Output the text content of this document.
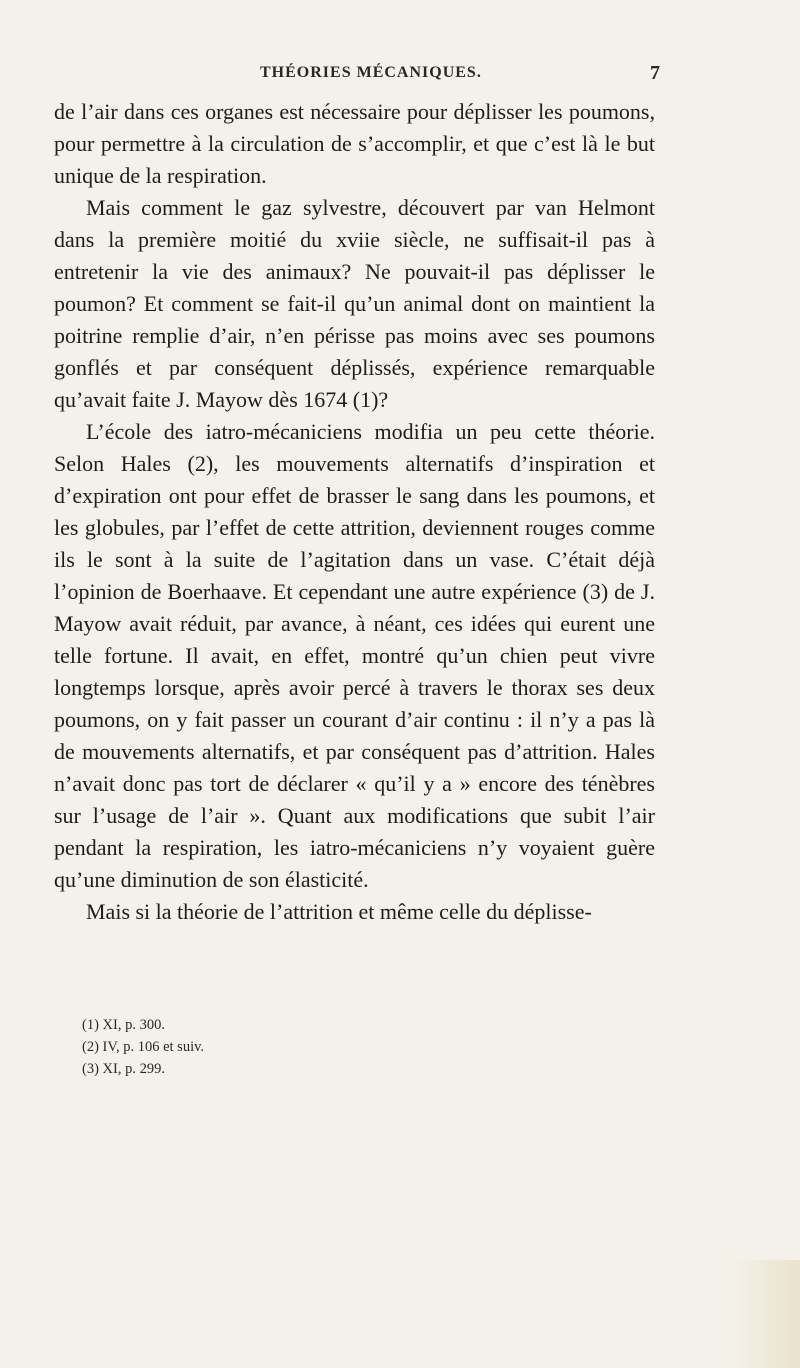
THÉORIES MÉCANIQUES.	7

de l’air dans ces organes est nécessaire pour déplisser les poumons, pour permettre à la circulation de s’accomplir, et que c’est là le but unique de la respiration.

Mais comment le gaz sylvestre, découvert par van Helmont dans la première moitié du xviie siècle, ne suffisait-il pas à entretenir la vie des animaux? Ne pouvait-il pas déplisser le poumon? Et comment se fait-il qu’un animal dont on maintient la poitrine remplie d’air, n’en périsse pas moins avec ses poumons gonflés et par conséquent déplissés, expérience remarquable qu’avait faite J. Mayow dès 1674 (1)?

L’école des iatro-mécaniciens modifia un peu cette théorie. Selon Hales (2), les mouvements alternatifs d’inspiration et d’expiration ont pour effet de brasser le sang dans les poumons, et les globules, par l’effet de cette attrition, deviennent rouges comme ils le sont à la suite de l’agitation dans un vase. C’était déjà l’opinion de Boerhaave. Et cependant une autre expérience (3) de J. Mayow avait réduit, par avance, à néant, ces idées qui eurent une telle fortune. Il avait, en effet, montré qu’un chien peut vivre longtemps lorsque, après avoir percé à travers le thorax ses deux poumons, on y fait passer un courant d’air continu : il n’y a pas là de mouvements alternatifs, et par conséquent pas d’attrition. Hales n’avait donc pas tort de déclarer « qu’il y a » encore des ténèbres sur l’usage de l’air ». Quant aux modifications que subit l’air pendant la respiration, les iatro-mécaniciens n’y voyaient guère qu’une diminution de son élasticité.

Mais si la théorie de l’attrition et même celle du déplisse-

(1) XI, p. 300.
(2) IV, p. 106 et suiv.
(3) XI, p. 299.
